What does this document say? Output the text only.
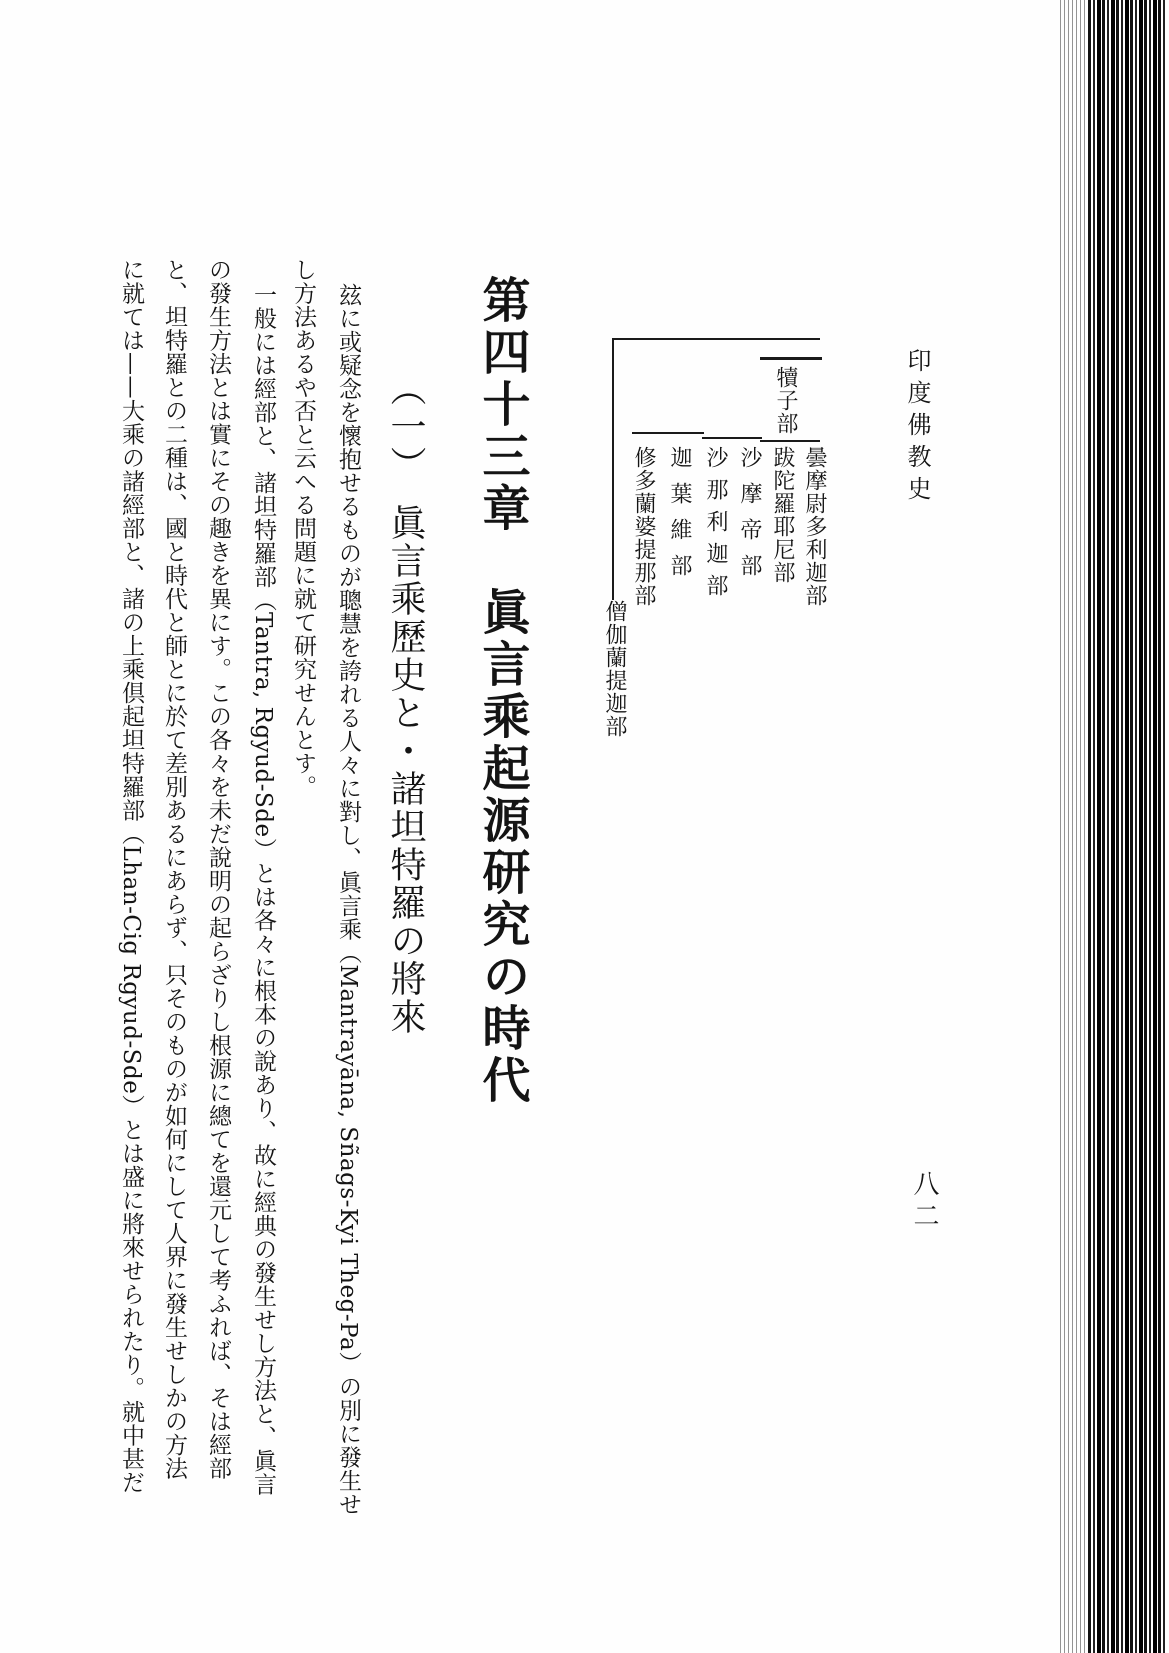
印度佛教史
八二
曇摩尉多利迦部
跋陀羅耶尼部
犢子部
沙摩帝部
沙那利迦部
迦葉維部
修多蘭婆提那部
僧伽蘭提迦部
第四十三章　眞言乘起源研究の時代
（一）　眞言乘歷史と・諸坦特羅の將來
玆に或疑念を懷抱せるものが聰慧を誇れる人々に對し、眞言乘（Mantrayāna, Sñags-Kyi Theg-Pa）の別に發生せ
し方法あるや否と云へる問題に就て研究せんとす。
一般には經部と、諸坦特羅部（Tantra, Rgyud-Sde）とは各々に根本の說あり、故に經典の發生せし方法と、眞言
の發生方法とは實にその趣きを異にす。この各々を未だ說明の起らざりし根源に總てを還元して考ふれば、そは經部
と、坦特羅との二種は、國と時代と師とに於て差別あるにあらず、只そのものが如何にして人界に發生せしかの方法
に就ては——大乘の諸經部と、諸の上乘倶起坦特羅部（Lhan-Cig Rgyud-Sde）とは盛に將來せられたり。就中甚だ
